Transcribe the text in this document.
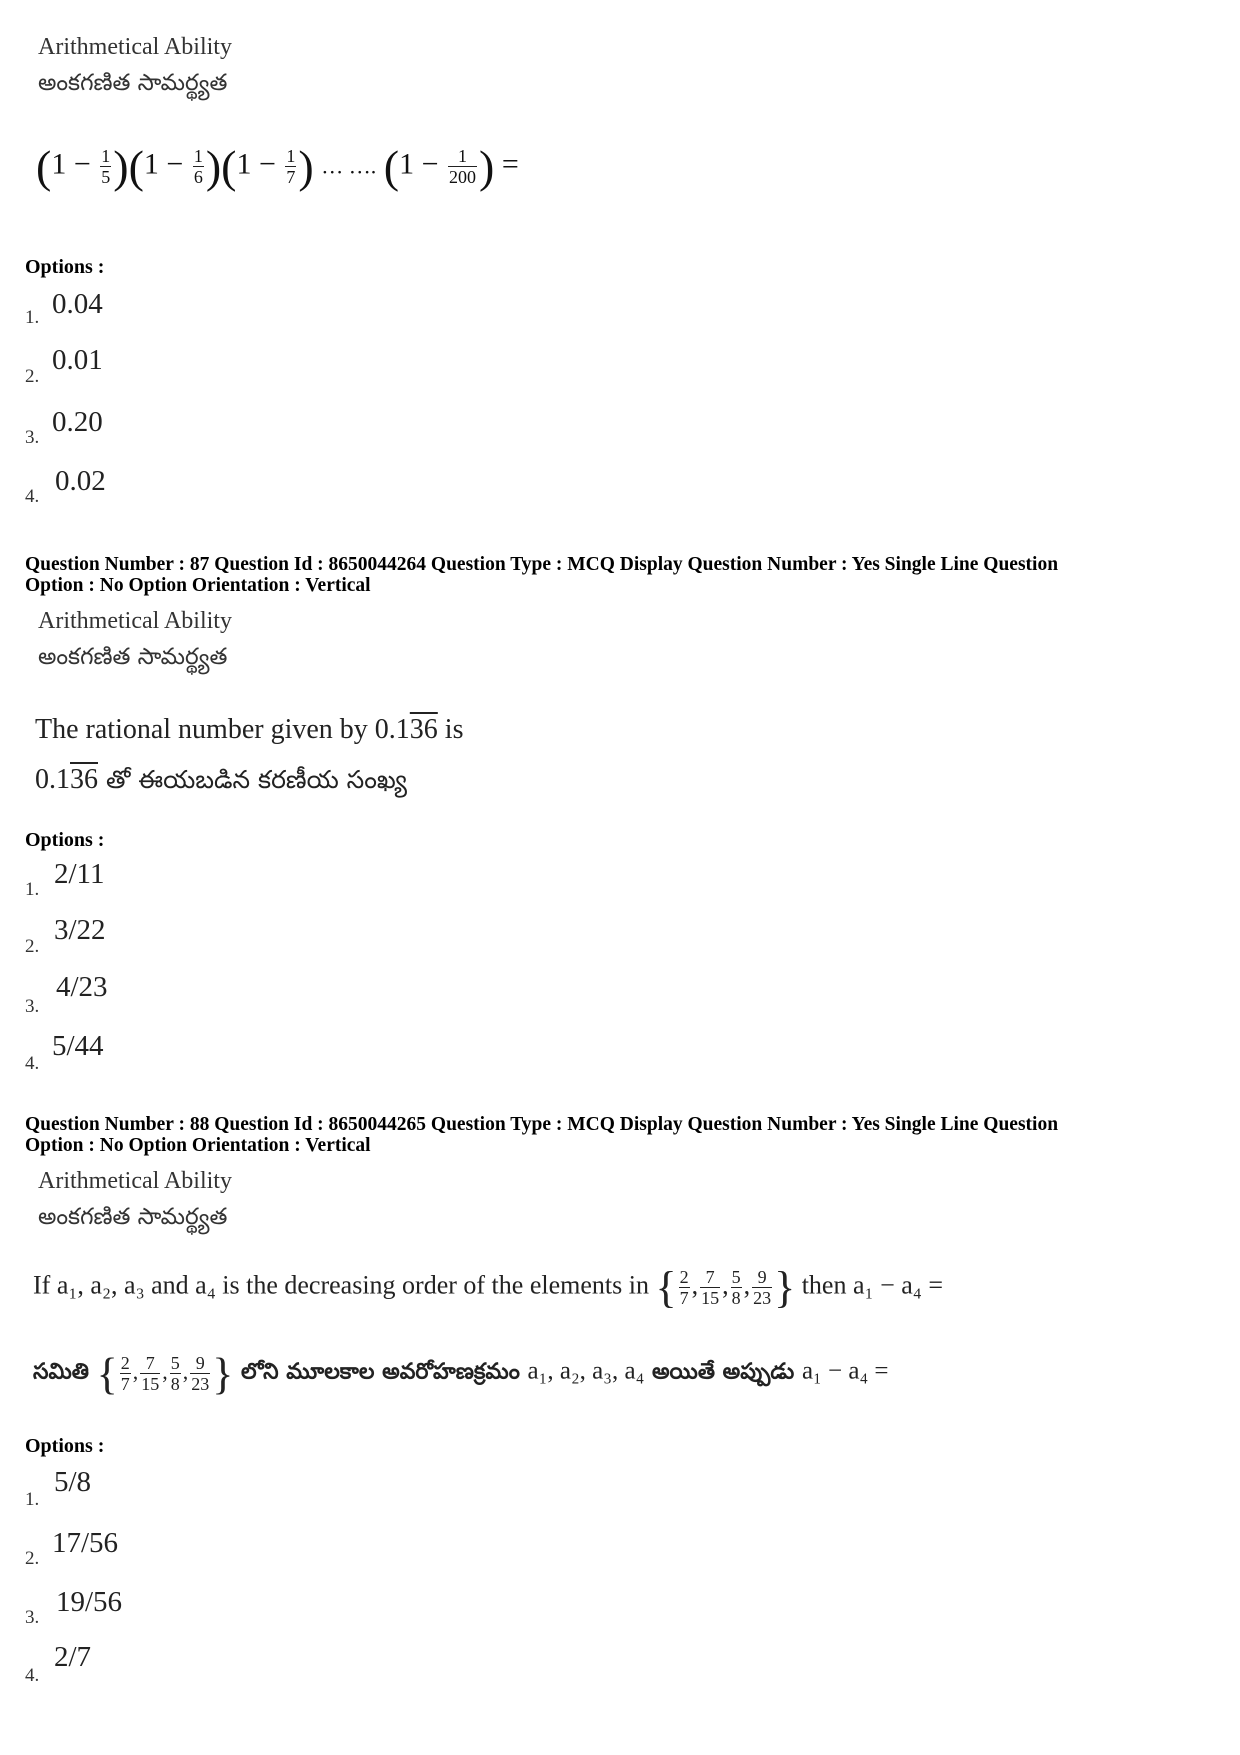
Arithmetical Ability
అంకగణిత సామర్థ్యత
$(1 - \frac{1}{5} )(1 - \frac{1}{6} )(1 - \frac{1}{7}$ ) … …. ($1 - \frac{1}{200}$ ) =
Options :
1. 0.04
2.
0.01
3. 0.20
4. 0.02
Question Number : 87 Question Id : 8650044264 Question Type : MCQ Display Question Number : Yes Single Line Question
Option : No Option Orientation : Vertical
Arithmetical Ability
అంకగణిత సామర్థ్యత
The rational number given by 0.136 is
0.136 తో ఈయబడిన కరణీయ సంఖ్య
Options :
1. 2/11
2.
3/22
3.
4/23
4.
5/44
Question Number : 88 Question Id : 8650044265 Question Type : MCQ Display Question Number : Yes Single Line Question
Option : No Option Orientation : Vertical
Arithmetical Ability
అంకగణిత సామర్థ్యత
If a₁, a₂, a₃ and a₄ is the decreasing order of the elements in { $\frac{2}{7}$ , $\frac{7}{15}$ , $\frac{5}{8}$ , $\frac{9}{23}$ } then a₁ − a₄ =
సమితి { $\frac{2}{7}$ , $\frac{7}{15}$ , $\frac{5}{8}$ , $\frac{9}{23}$ } లోని మూలకాల అవరోహణక్రమం a₁, a₂, a₃, a₄ అయితే అప్పుడు a₁ − a₄ =
Options :
1.
5/8
2. 17/56
3. 19/56
4.
2/7
